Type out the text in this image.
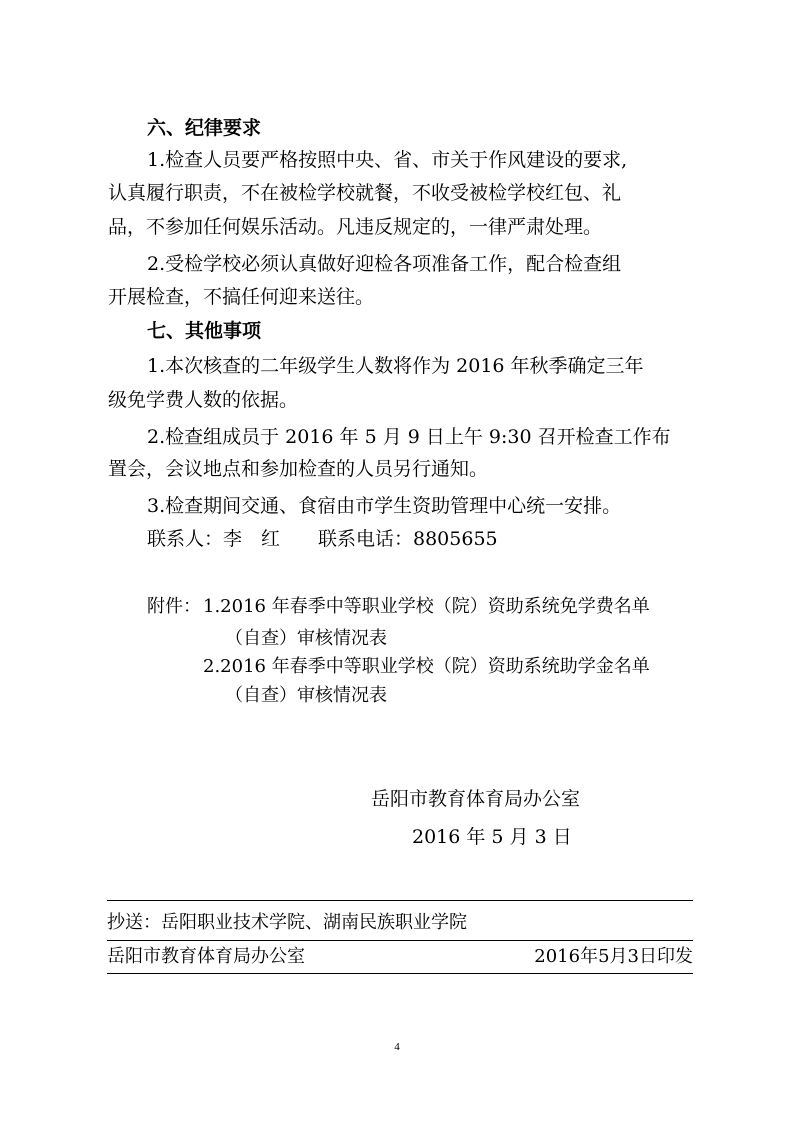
六、纪律要求
1.检查人员要严格按照中央、省、市关于作风建设的要求,
认真履行职责，不在被检学校就餐，不收受被检学校红包、礼
品，不参加任何娱乐活动。凡违反规定的，一律严肃处理。
2.受检学校必须认真做好迎检各项准备工作，配合检查组
开展检查，不搞任何迎来送往。
七、其他事项
1.本次核查的二年级学生人数将作为 2016 年秋季确定三年
级免学费人数的依据。
2.检查组成员于 2016 年 5 月 9 日上午 9:30 召开检查工作布
置会，会议地点和参加检查的人员另行通知。
3.检查期间交通、食宿由市学生资助管理中心统一安排。
联系人：李　红　　联系电话：8805655
附件： 1.2016 年春季中等职业学校（院）资助系统免学费名单
（自查）审核情况表
2.2016 年春季中等职业学校（院）资助系统助学金名单
（自查）审核情况表
岳阳市教育体育局办公室
2016 年 5 月 3 日
抄送：岳阳职业技术学院、湖南民族职业学院
岳阳市教育体育局办公室	2016年5月3日印发
4
